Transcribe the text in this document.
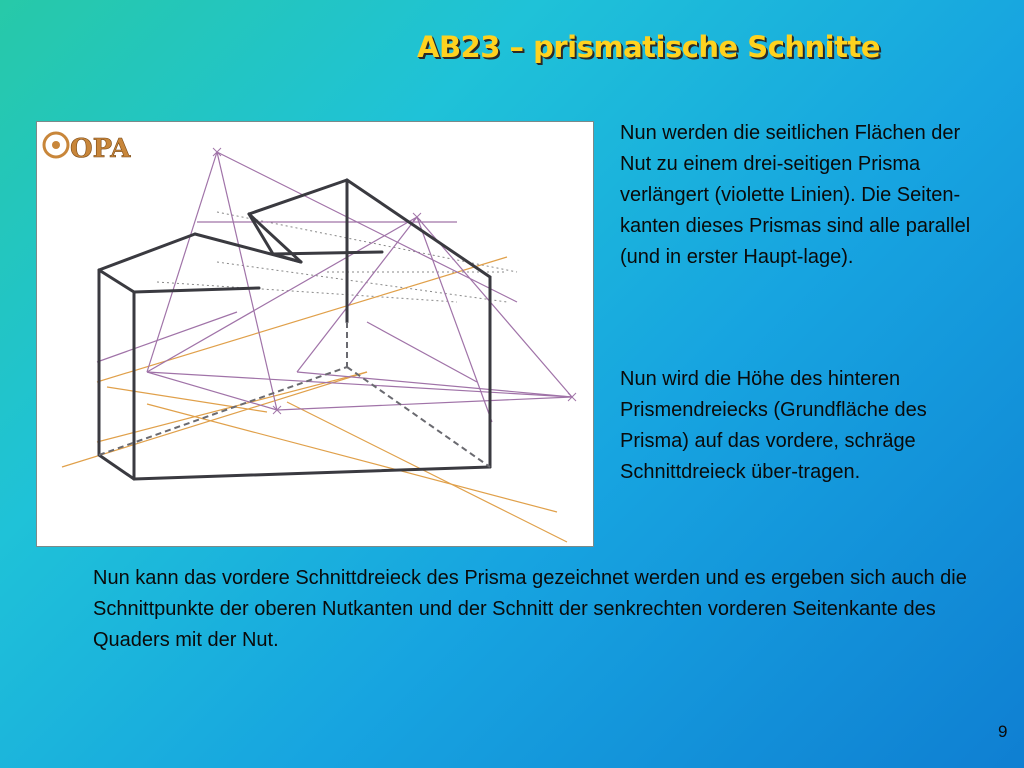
AB23 – prismatische Schnitte
OPA

Nun werden die seitlichen Flächen der Nut zu einem drei-seitigen Prisma verlängert (violette Linien). Die Seiten-kanten dieses Prismas sind alle parallel (und in erster Haupt-lage).

Nun wird die Höhe des hinteren Prismendreiecks (Grundfläche des Prisma) auf das vordere, schräge Schnittdreieck über-tragen.

Nun kann das vordere Schnittdreieck des Prisma gezeichnet werden und es ergeben sich auch die Schnittpunkte der oberen Nutkanten und der Schnitt der senkrechten vorderen Seitenkante des Quaders mit der Nut.

9
